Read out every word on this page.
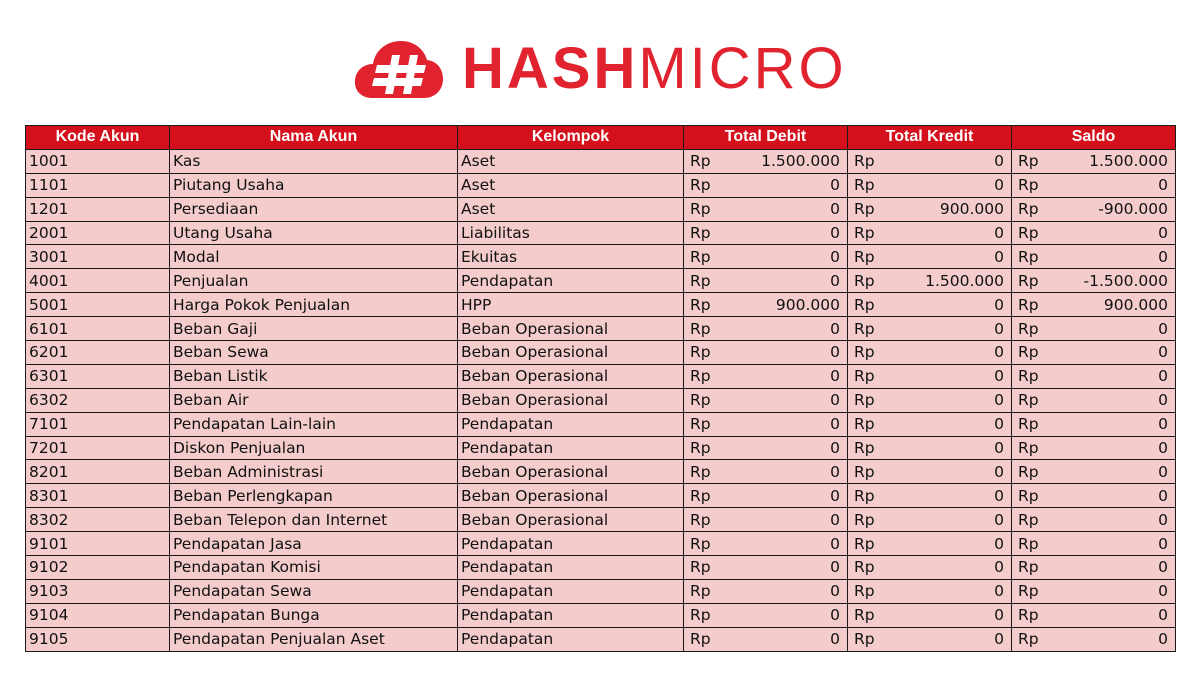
HASHMICRO
Kode Akun	Nama Akun	Kelompok	Total Debit	Total Kredit	Saldo
1001	Kas	Aset	Rp 1.500.000	Rp 0	Rp 1.500.000

1101	Piutang Usaha	Aset	Rp 0	Rp 0	Rp 0

1201	Persediaan	Aset	Rp 0	Rp 900.000	Rp -900.000

2001	Utang Usaha	Liabilitas	Rp 0	Rp 0	Rp 0

3001	Modal	Ekuitas	Rp 0	Rp 0	Rp 0

4001	Penjualan	Pendapatan	Rp 0	Rp 1.500.000	Rp -1.500.000

5001	Harga Pokok Penjualan	HPP	Rp 900.000	Rp 0	Rp 900.000

6101	Beban Gaji	Beban Operasional	Rp 0	Rp 0	Rp 0

6201	Beban Sewa	Beban Operasional	Rp 0	Rp 0	Rp 0

6301	Beban Listik	Beban Operasional	Rp 0	Rp 0	Rp 0

6302	Beban Air	Beban Operasional	Rp 0	Rp 0	Rp 0

7101	Pendapatan Lain-lain	Pendapatan	Rp 0	Rp 0	Rp 0

7201	Diskon Penjualan	Pendapatan	Rp 0	Rp 0	Rp 0

8201	Beban Administrasi	Beban Operasional	Rp 0	Rp 0	Rp 0

8301	Beban Perlengkapan	Beban Operasional	Rp 0	Rp 0	Rp 0

8302	Beban Telepon dan Internet	Beban Operasional	Rp 0	Rp 0	Rp 0

9101	Pendapatan Jasa	Pendapatan	Rp 0	Rp 0	Rp 0

9102	Pendapatan Komisi	Pendapatan	Rp 0	Rp 0	Rp 0

9103	Pendapatan Sewa	Pendapatan	Rp 0	Rp 0	Rp 0

9104	Pendapatan Bunga	Pendapatan	Rp 0	Rp 0	Rp 0

9105	Pendapatan Penjualan Aset	Pendapatan	Rp 0	Rp 0	Rp 0
